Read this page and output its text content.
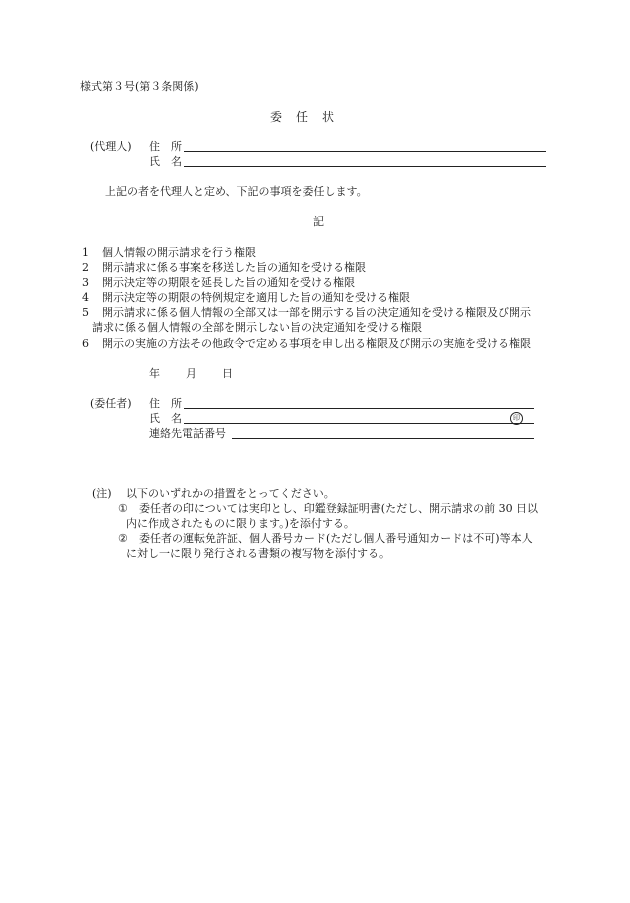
様式第３号(第３条関係)
委　任　状
(代理人) 住　所
氏　名
上記の者を代理人と定め、下記の事項を委任します。
記
1 個人情報の開示請求を行う権限
2 開示請求に係る事案を移送した旨の通知を受ける権限
3 開示決定等の期限を延長した旨の通知を受ける権限
4 開示決定等の期限の特例規定を適用した旨の通知を受ける権限
5 開示請求に係る個人情報の全部又は一部を開示する旨の決定通知を受ける権限及び開示
請求に係る個人情報の全部を開示しない旨の決定通知を受ける権限
6 開示の実施の方法その他政令で定める事項を申し出る権限及び開示の実施を受ける権限
年 月 日
(委任者) 住　所
氏　名	印
連絡先電話番号
(注) 以下のいずれかの措置をとってください。
① 委任者の印については実印とし、印鑑登録証明書(ただし、開示請求の前 30 日以
内に作成されたものに限ります。)を添付する。
② 委任者の運転免許証、個人番号カード(ただし個人番号通知カードは不可)等本人
に対し一に限り発行される書類の複写物を添付する。
